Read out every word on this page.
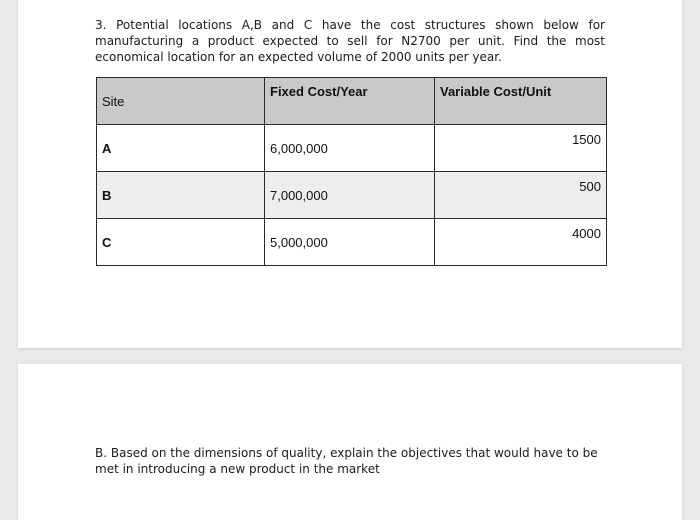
3. Potential locations A,B and C have the cost structures shown below for manufacturing a product expected to sell for N2700 per unit. Find the most economical location for an expected volume of 2000 units per year.
Site	Fixed Cost/Year	Variable Cost/Unit
A	6,000,000	1500
B	7,000,000	500
C	5,000,000	4000
B. Based on the dimensions of quality, explain the objectives that would have to be met in introducing a new product in the market
